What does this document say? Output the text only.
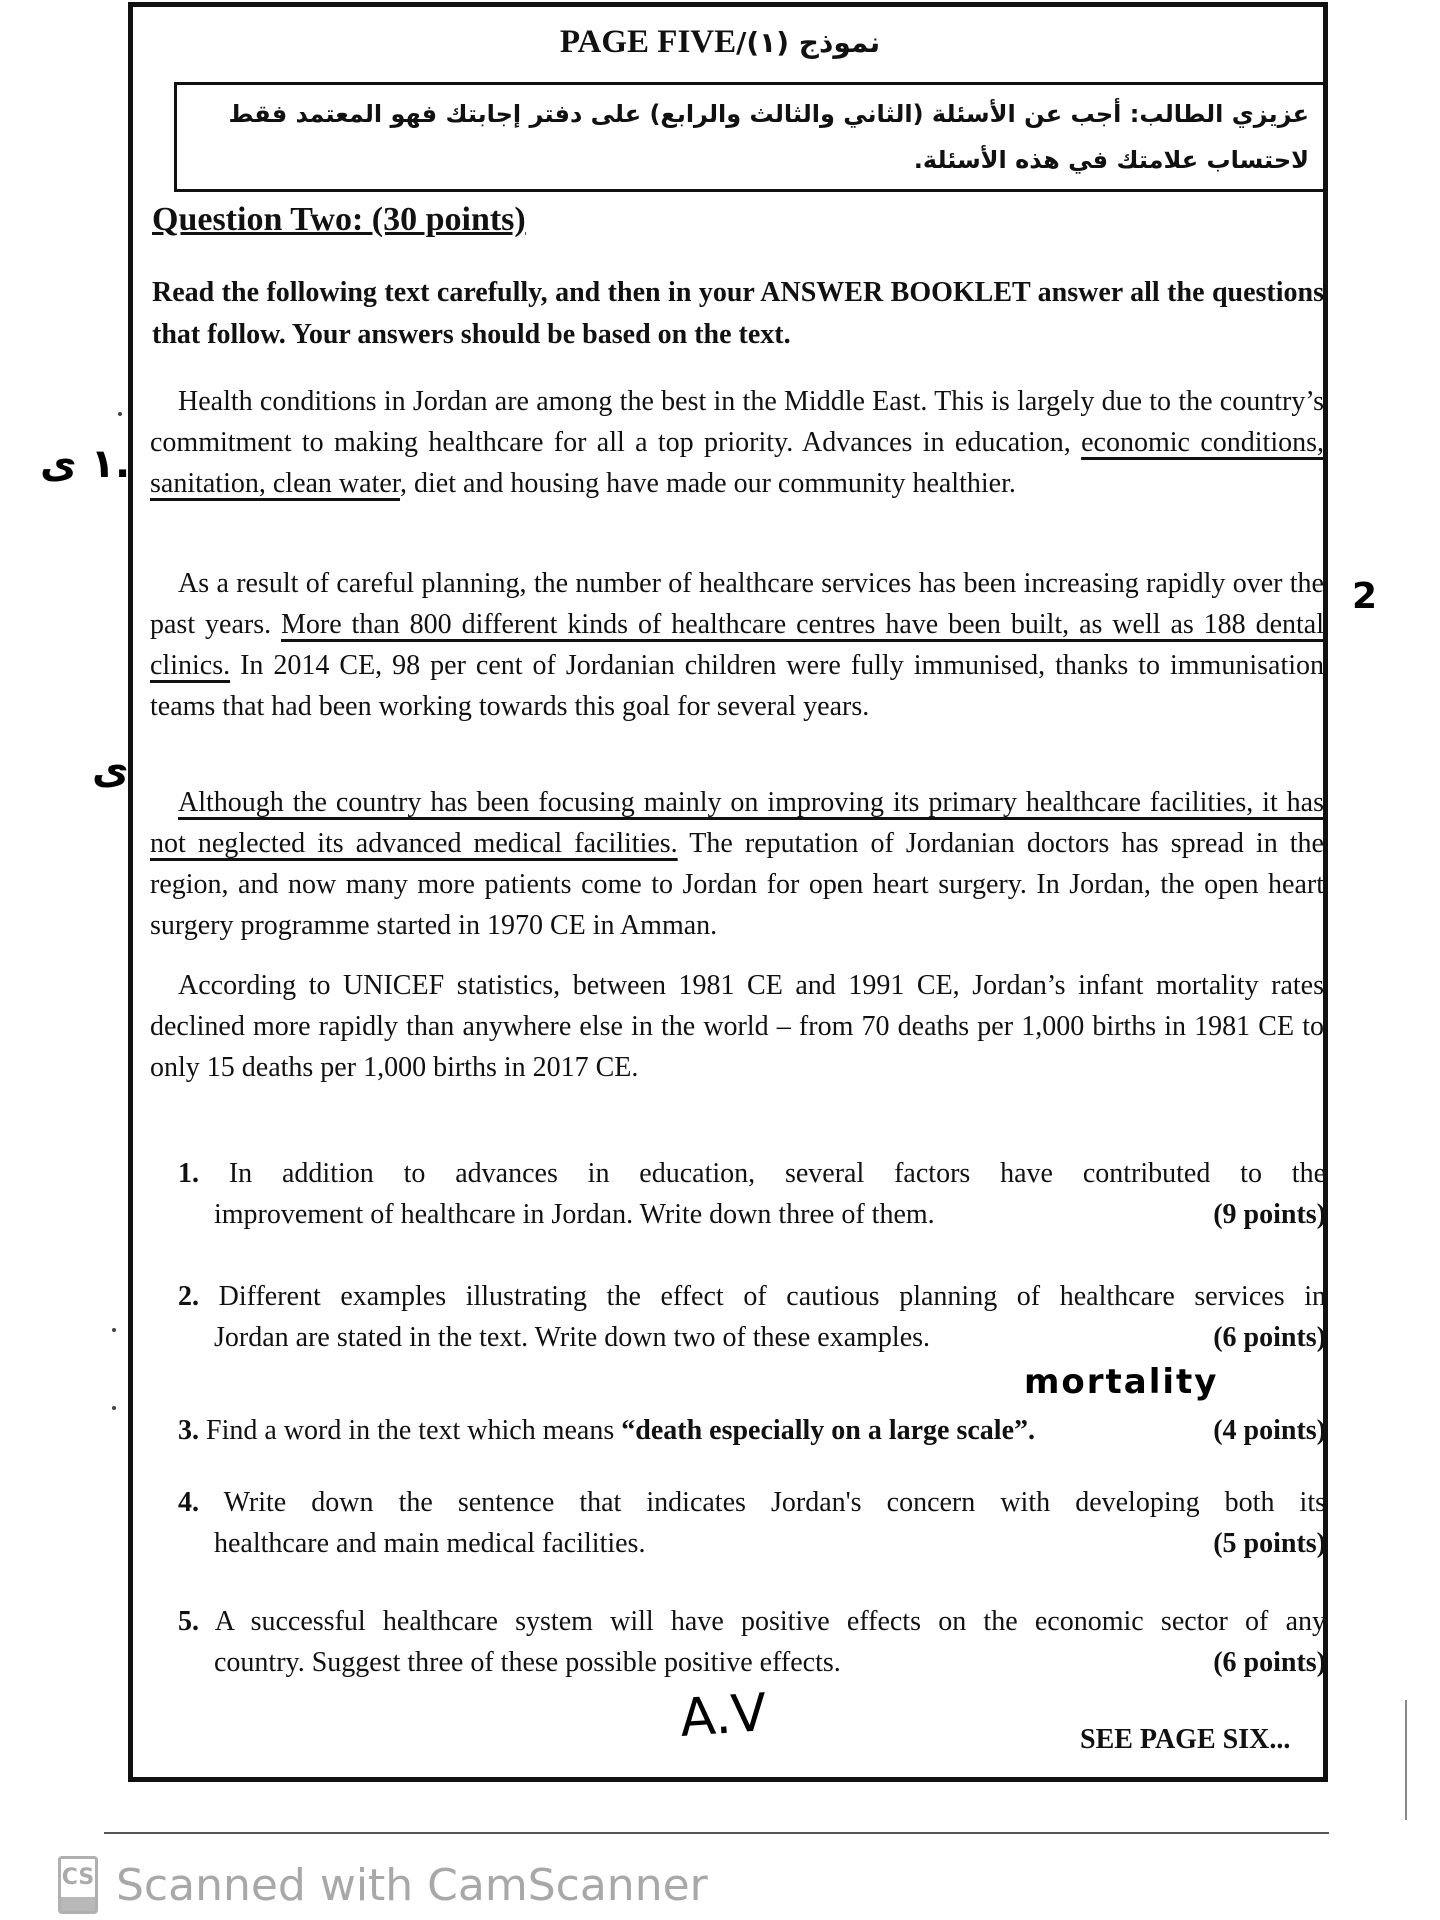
PAGE FIVEنموذج (١)/
عزيزي الطالب: أجب عن الأسئلة (الثاني والثالث والرابع) على دفتر إجابتك فهو المعتمد فقط لاحتساب علامتك في هذه الأسئلة.
Question Two: (30 points)
Read the following text carefully, and then in your ANSWER BOOKLET answer all the questions that follow. Your answers should be based on the text.
Health conditions in Jordan are among the best in the Middle East. This is largely due to the country’s commitment to making healthcare for all a top priority. Advances in education, economic conditions, sanitation, clean water, diet and housing have made our community healthier.
As a result of careful planning, the number of healthcare services has been increasing rapidly over the past years. More than 800 different kinds of healthcare centres have been built, as well as 188 dental clinics. In 2014 CE, 98 per cent of Jordanian children were fully immunised, thanks to immunisation teams that had been working towards this goal for several years.
Although the country has been focusing mainly on improving its primary healthcare facilities, it has not neglected its advanced medical facilities. The reputation of Jordanian doctors has spread in the region, and now many more patients come to Jordan for open heart surgery. In Jordan, the open heart surgery programme started in 1970 CE in Amman.
According to UNICEF statistics, between 1981 CE and 1991 CE, Jordan’s infant mortality rates declined more rapidly than anywhere else in the world – from 70 deaths per 1,000 births in 1981 CE to only 15 deaths per 1,000 births in 2017 CE.
1. In addition to advances in education, several factors have contributed to the
improvement of healthcare in Jordan. Write down three of them.	(9 points)
2. Different examples illustrating the effect of cautious planning of healthcare services in
Jordan are stated in the text. Write down two of these examples.	(6 points)
mortality
3. Find a word in the text which means “death especially on a large scale”.	(4 points)
4. Write down the sentence that indicates Jordan's concern with developing both its
healthcare and main medical facilities.	(5 points)
5. A successful healthcare system will have positive effects on the economic sector of any
country. Suggest three of these possible positive effects.	(6 points)
SEE PAGE SIX...
A.V
١ ى.
2
ى
CS Scanned with CamScanner
